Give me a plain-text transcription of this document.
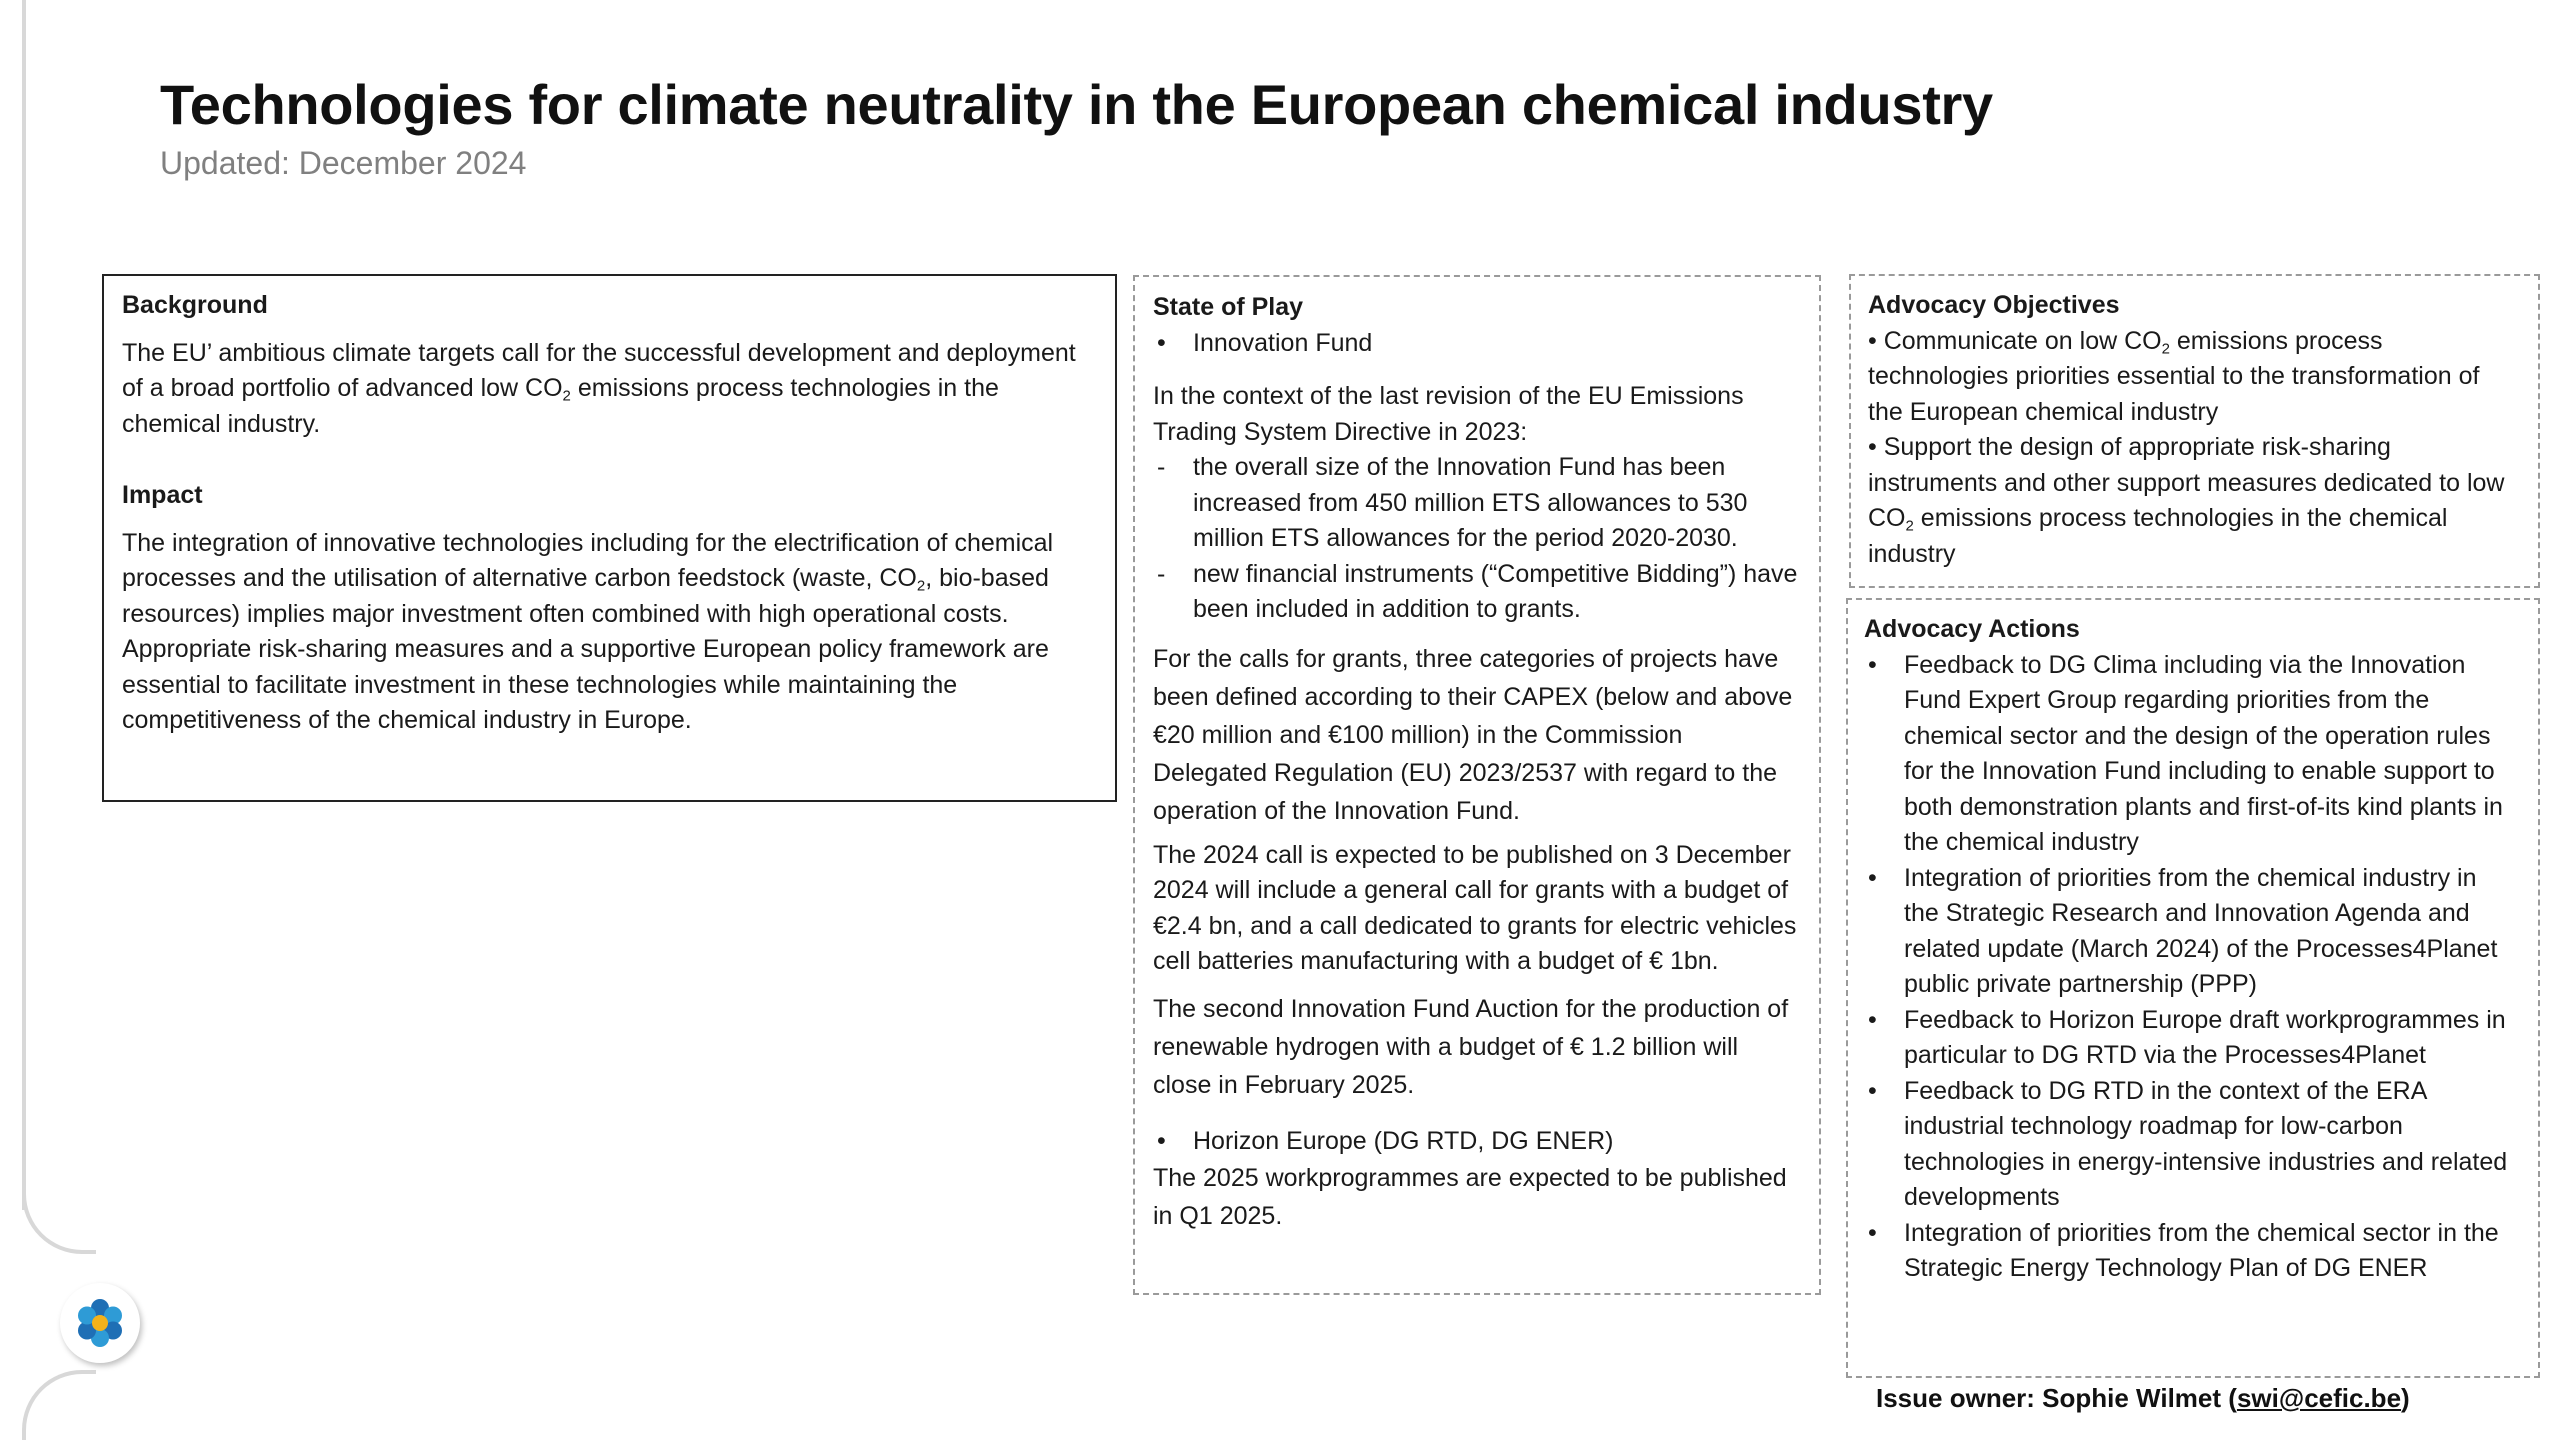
Technologies for climate neutrality in the European chemical industry
Updated: December 2024

Background

The EU’ ambitious climate targets call for the successful development and deployment of a broad portfolio of advanced low $CO_2$ emissions process technologies in the chemical industry.

Impact

The integration of innovative technologies including for the electrification of chemical processes and the utilisation of alternative carbon feedstock (waste, $CO_2$, bio-based resources) implies major investment often combined with high operational costs. Appropriate risk-sharing measures and a supportive European policy framework are essential to facilitate investment in these technologies while maintaining the competitiveness of the chemical industry in Europe.

State of Play

•	Innovation Fund

In the context of the last revision of the EU Emissions Trading System Directive in 2023:

-	the overall size of the Innovation Fund has been increased from 450 million ETS allowances to 530 million ETS allowances for the period 2020-2030.
-	new financial instruments (“Competitive Bidding”) have been included in addition to grants.

For the calls for grants, three categories of projects have been defined according to their CAPEX (below and above €20 million and €100 million) in the Commission Delegated Regulation (EU) 2023/2537 with regard to the operation of the Innovation Fund.

The 2024 call is expected to be published on 3 December 2024 will include a general call for grants with a budget of €2.4 bn, and a call dedicated to grants for electric vehicles cell batteries manufacturing with a budget of € 1bn.

The second Innovation Fund Auction for the production of renewable hydrogen with a budget of € 1.2 billion will close in February 2025.

•	Horizon Europe (DG RTD, DG ENER)

The 2025 workprogrammes are expected to be published in Q1 2025.

Advocacy Objectives

• Communicate on low $CO_2$ emissions process technologies priorities essential to the transformation of the European chemical industry

• Support the design of appropriate risk-sharing instruments and other support measures dedicated to low $CO_2$ emissions process technologies in the chemical industry

Advocacy Actions

•	Feedback to DG Clima including via the Innovation Fund Expert Group regarding priorities from the chemical sector and the design of the operation rules for the Innovation Fund including to enable support to both demonstration plants and first-of-its kind plants in the chemical industry
•	Integration of priorities from the chemical industry in the Strategic Research and Innovation Agenda and related update (March 2024) of the Processes4Planet public private partnership (PPP)
•	Feedback to Horizon Europe draft workprogrammes in particular to DG RTD via the Processes4Planet
•	Feedback to DG RTD in the context of the ERA industrial technology roadmap for low-carbon technologies in energy-intensive industries and related developments
•	Integration of priorities from the chemical sector in the Strategic Energy Technology Plan of DG ENER
Issue owner: Sophie Wilmet (swi@cefic.be)
